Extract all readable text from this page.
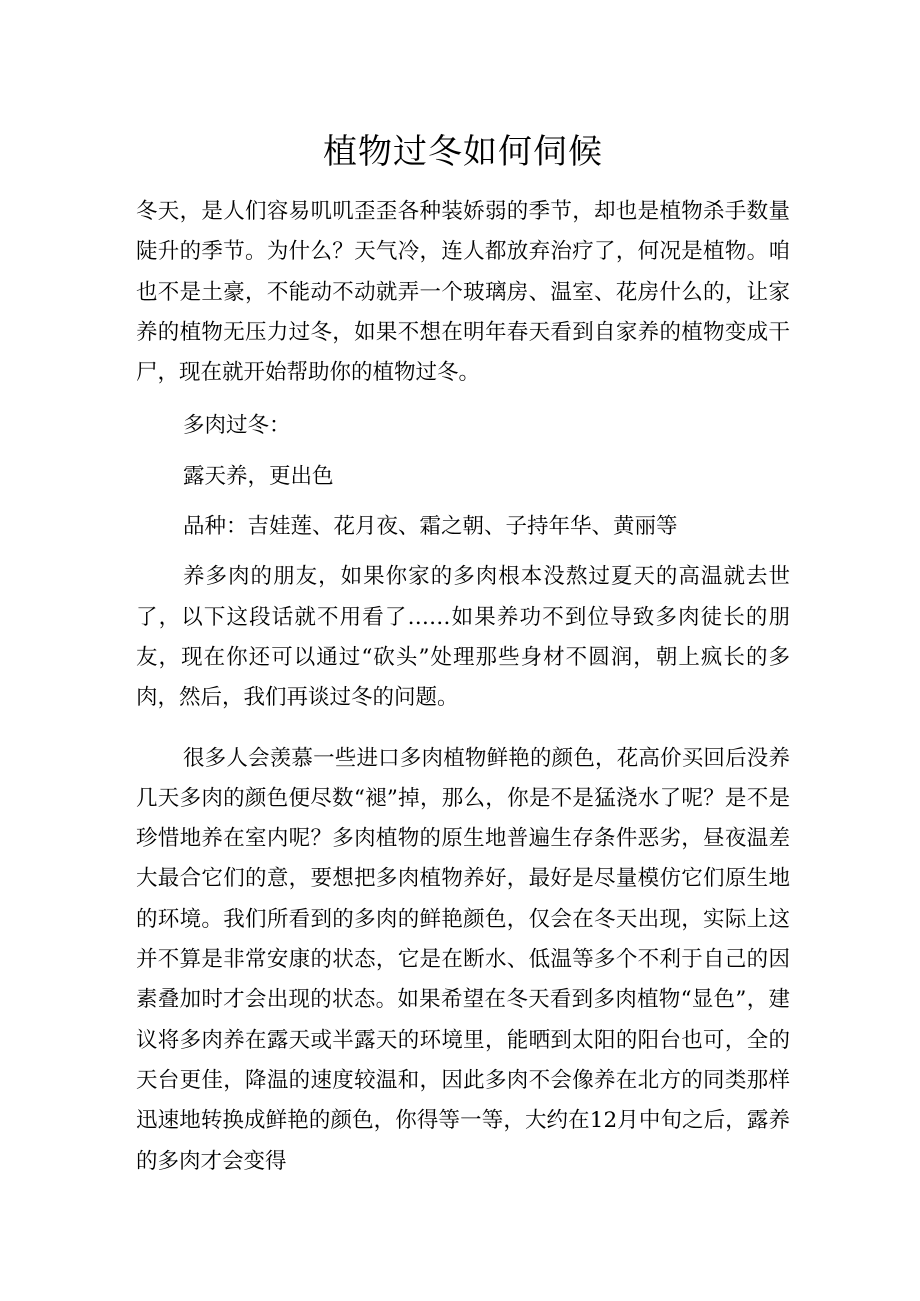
植物过冬如何伺候

冬天，是人们容易叽叽歪歪各种装娇弱的季节，却也是植物杀手数量陡升的季节。为什么？天气冷，连人都放弃治疗了，何况是植物。咱也不是土豪，不能动不动就弄一个玻璃房、温室、花房什么的，让家养的植物无压力过冬，如果不想在明年春天看到自家养的植物变成干尸，现在就开始帮助你的植物过冬。

多肉过冬：

露天养，更出色

品种：吉娃莲、花月夜、霜之朝、子持年华、黄丽等

养多肉的朋友，如果你家的多肉根本没熬过夏天的高温就去世了，以下这段话就不用看了……如果养功不到位导致多肉徒长的朋友，现在你还可以通过“砍头”处理那些身材不圆润，朝上疯长的多肉，然后，我们再谈过冬的问题。

很多人会羡慕一些进口多肉植物鲜艳的颜色，花高价买回后没养几天多肉的颜色便尽数“褪”掉，那么，你是不是猛浇水了呢？是不是珍惜地养在室内呢？多肉植物的原生地普遍生存条件恶劣，昼夜温差大最合它们的意，要想把多肉植物养好，最好是尽量模仿它们原生地的环境。我们所看到的多肉的鲜艳颜色，仅会在冬天出现，实际上这并不算是非常安康的状态，它是在断水、低温等多个不利于自己的因素叠加时才会出现的状态。如果希望在冬天看到多肉植物“显色”，建议将多肉养在露天或半露天的环境里，能晒到太阳的阳台也可，全的天台更佳，降温的速度较温和，因此多肉不会像养在北方的同类那样迅速地转换成鲜艳的颜色，你得等一等，大约在12月中旬之后，露养的多肉才会变得
